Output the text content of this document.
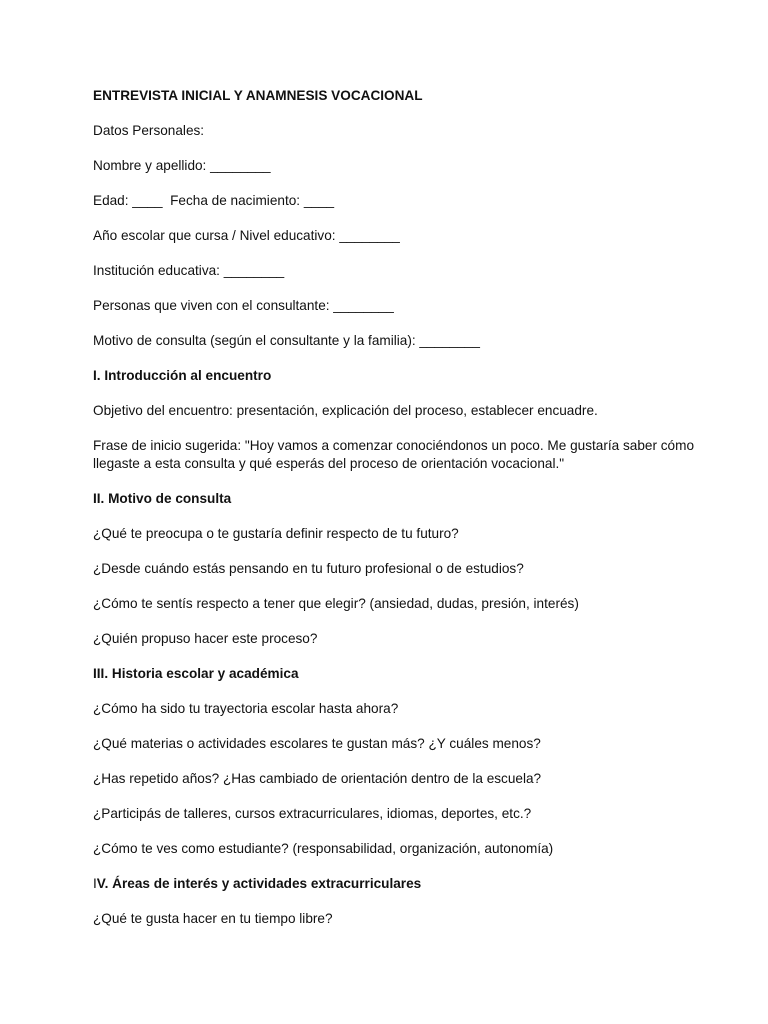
ENTREVISTA INICIAL Y ANAMNESIS VOCACIONAL
Datos Personales:
Nombre y apellido: ________
Edad: ____  Fecha de nacimiento: ____
Año escolar que cursa / Nivel educativo: ________
Institución educativa: ________
Personas que viven con el consultante: ________
Motivo de consulta (según el consultante y la familia): ________
I. Introducción al encuentro
Objetivo del encuentro: presentación, explicación del proceso, establecer encuadre.
Frase de inicio sugerida: "Hoy vamos a comenzar conociéndonos un poco. Me gustaría saber cómo llegaste a esta consulta y qué esperás del proceso de orientación vocacional."
II. Motivo de consulta
¿Qué te preocupa o te gustaría definir respecto de tu futuro?
¿Desde cuándo estás pensando en tu futuro profesional o de estudios?
¿Cómo te sentís respecto a tener que elegir? (ansiedad, dudas, presión, interés)
¿Quién propuso hacer este proceso?
III. Historia escolar y académica
¿Cómo ha sido tu trayectoria escolar hasta ahora?
¿Qué materias o actividades escolares te gustan más? ¿Y cuáles menos?
¿Has repetido años? ¿Has cambiado de orientación dentro de la escuela?
¿Participás de talleres, cursos extracurriculares, idiomas, deportes, etc.?
¿Cómo te ves como estudiante? (responsabilidad, organización, autonomía)
IV. Áreas de interés y actividades extracurriculares
¿Qué te gusta hacer en tu tiempo libre?
